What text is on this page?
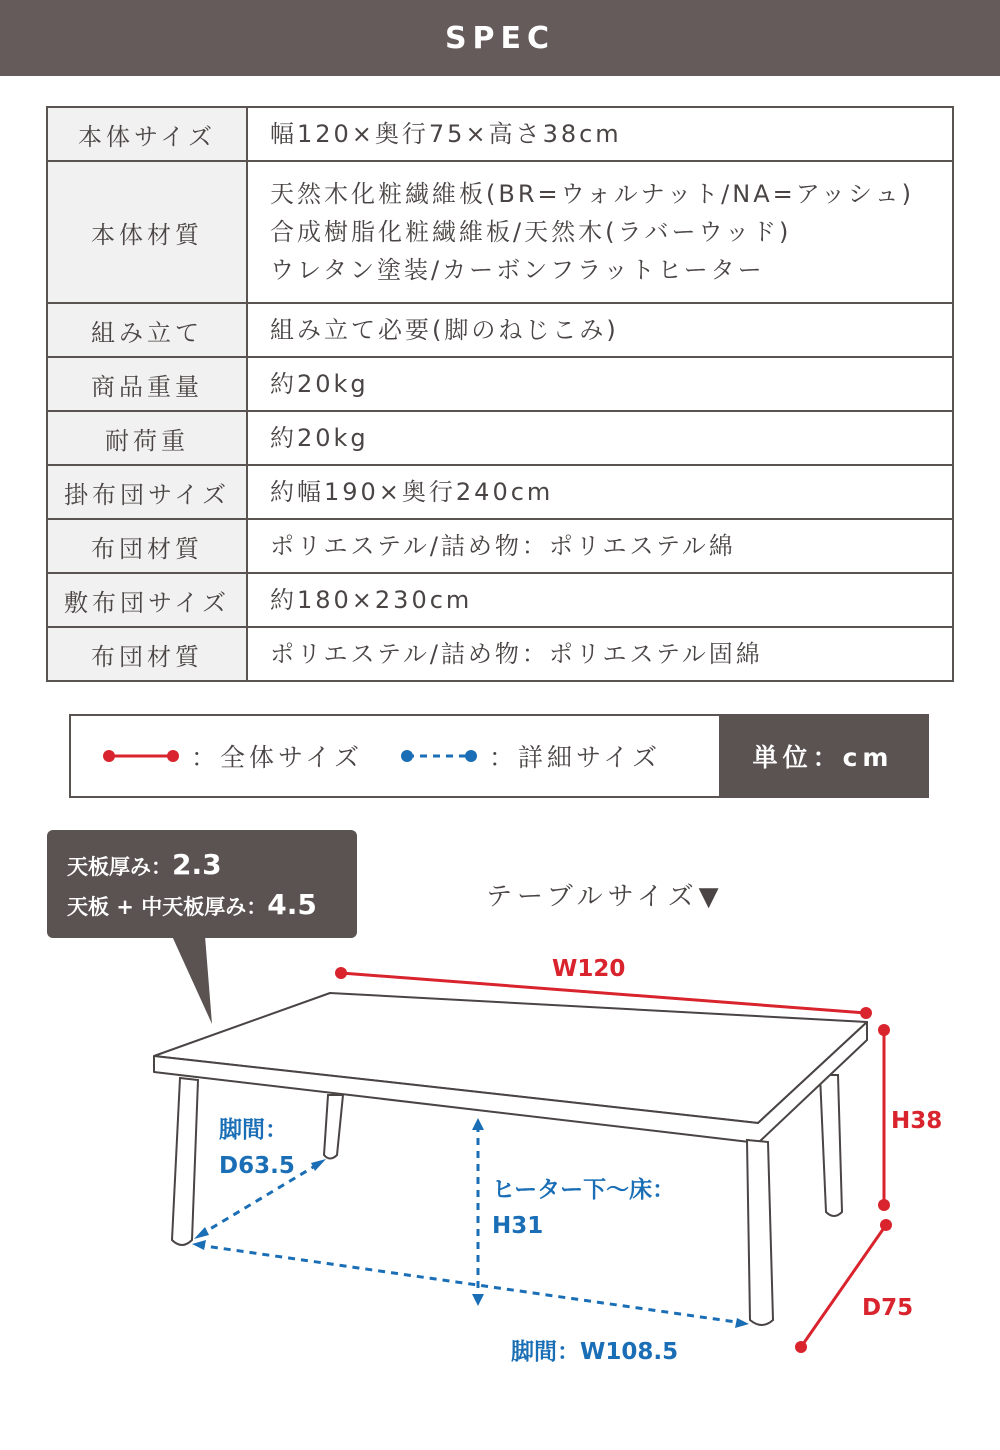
SPEC
本体サイズ	幅120×奥行75×高さ38cm
本体材質	天然木化粧繊維板(BR=ウォルナット/NA=アッシュ)
合成樹脂化粧繊維板/天然木(ラバーウッド)
ウレタン塗装/カーボンフラットヒーター

組み立て	組み立て必要(脚のねじこみ)
商品重量	約20kg
耐荷重	約20kg
掛布団サイズ	約幅190×奥行240cm
布団材質	ポリエステル/詰め物：ポリエステル綿
敷布団サイズ	約180×230cm
布団材質	ポリエステル/詰め物：ポリエステル固綿
：全体サイズ	：詳細サイズ	単位：cm
天板厚み：2.3
天板 + 中天板厚み：4.5	テーブルサイズ▼
W120
H38
D75
脚間：
D63.5
ヒーター下〜床：
H31
脚間：W108.5
